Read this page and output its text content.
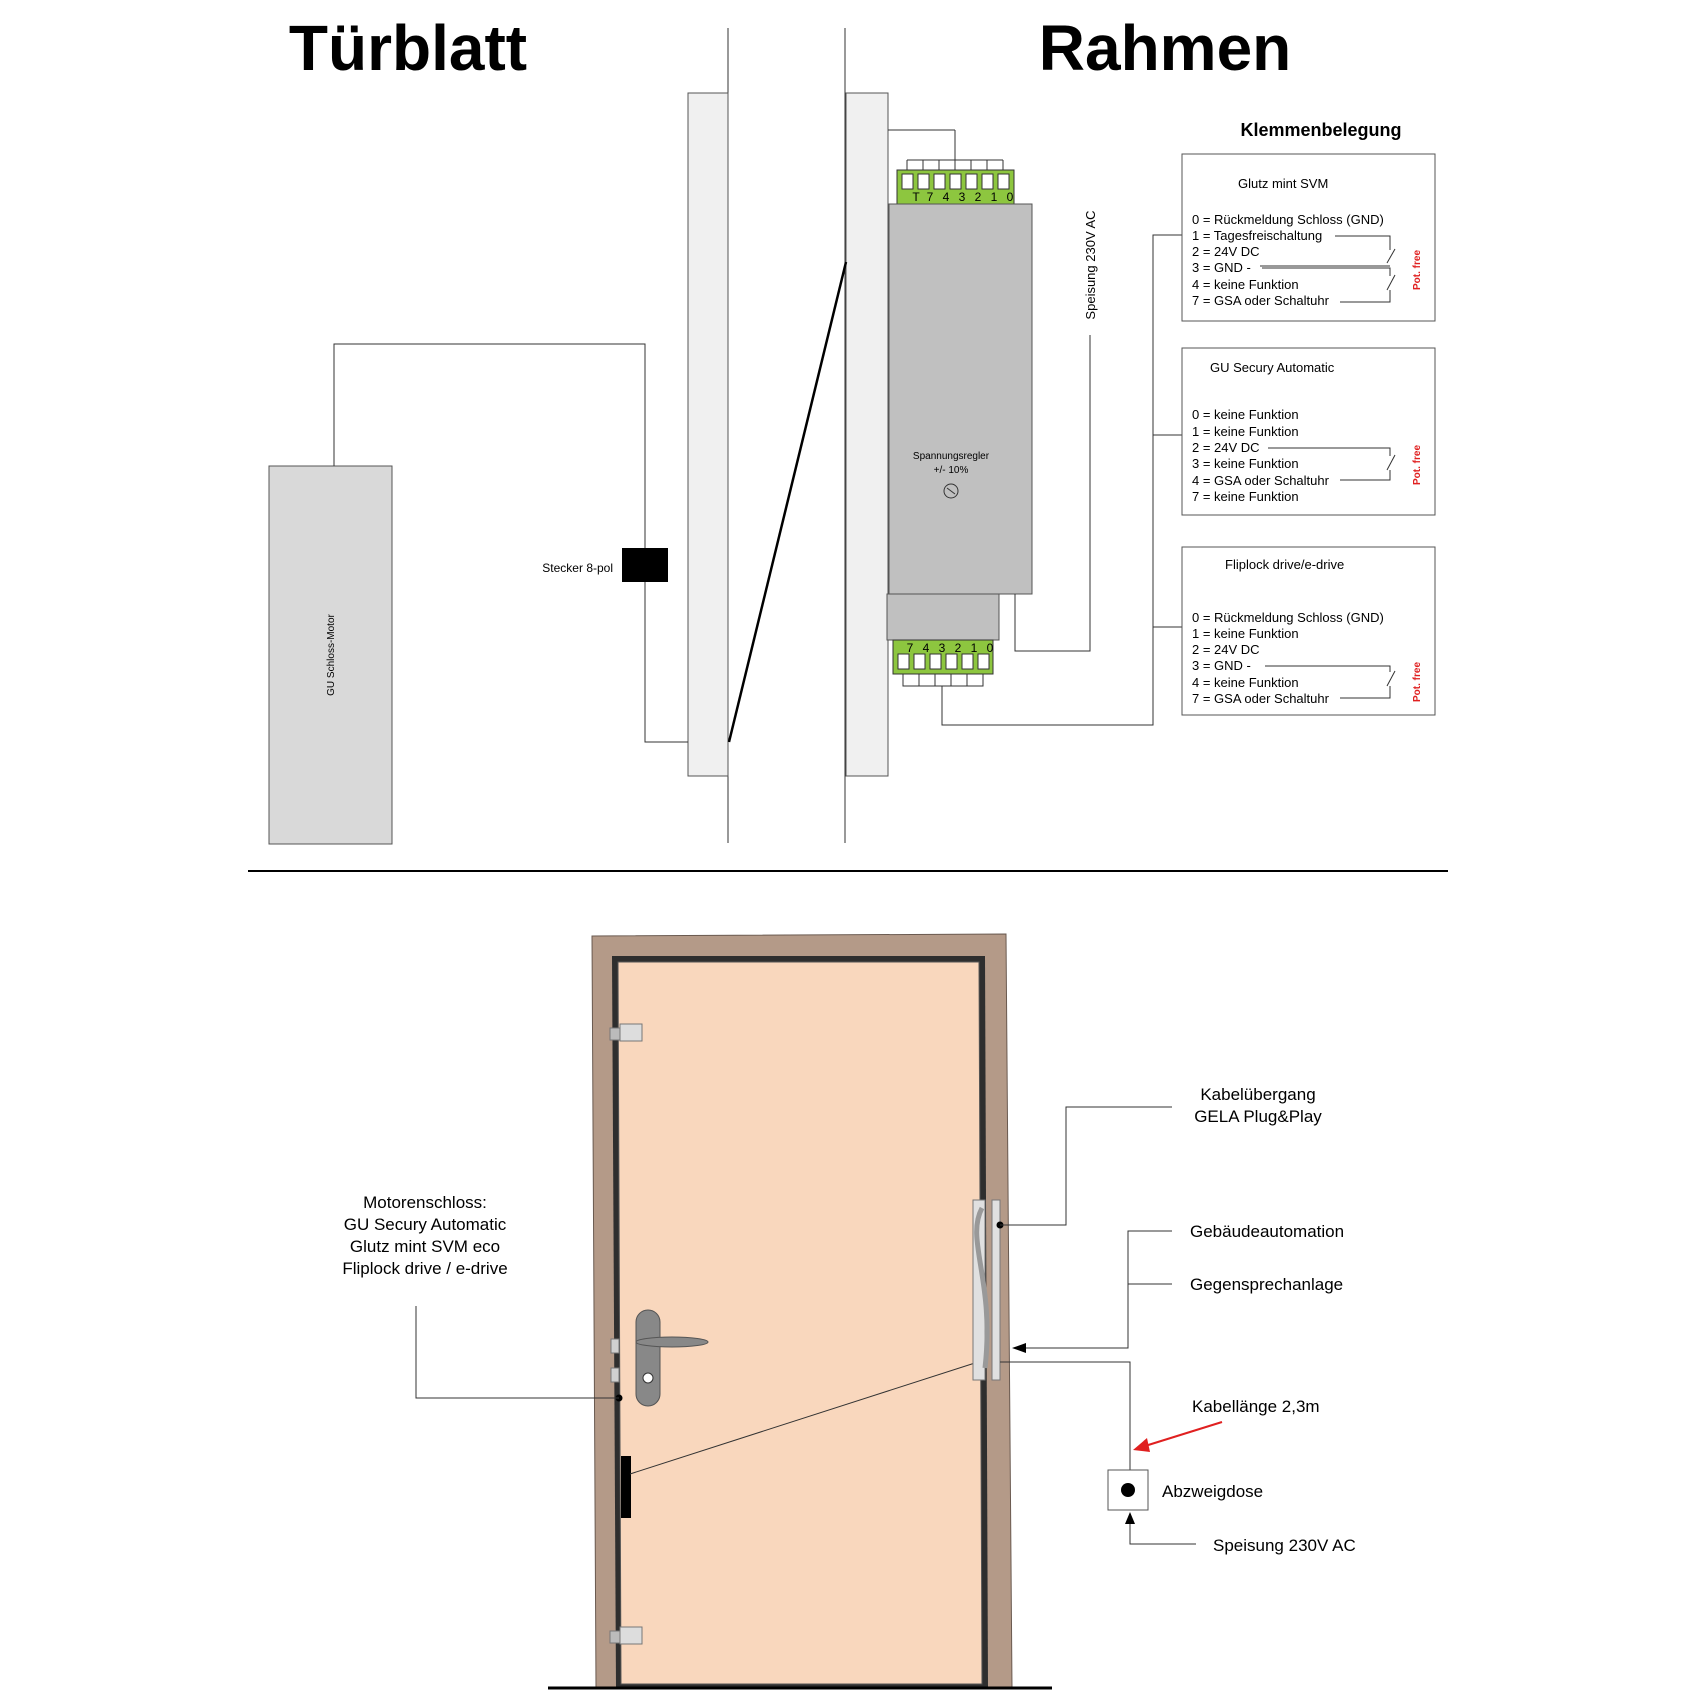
Türblatt	Rahmen
GU Schloss-Motor
Stecker 8-pol
T 7 4 3 2 1 0
Spannungsregler
+/- 10%
7 4 3 2 1 0
Speisung 230V AC
Klemmenbelegung
Glutz mint SVM
0 = Rückmeldung Schloss (GND)
1 = Tagesfreischaltung
2 = 24V DC
3 = GND -
4 = keine Funktion
7 = GSA oder Schaltuhr
Pot. free
GU Secury Automatic
0 = keine Funktion
1 = keine Funktion
2 = 24V DC
3 = keine Funktion
4 = GSA oder Schaltuhr
7 = keine Funktion
Pot. free
Fliplock drive/e-drive
0 = Rückmeldung Schloss (GND)
1 = keine Funktion
2 = 24V DC
3 = GND -
4 = keine Funktion
7 = GSA oder Schaltuhr	Pot. free
Motorenschloss:
GU Secury Automatic
Glutz mint SVM eco
Fliplock drive / e-drive
Kabelübergang
GELA Plug&Play
Gebäudeautomation
Gegensprechanlage
Kabellänge 2,3m
Abzweigdose
Speisung 230V AC
